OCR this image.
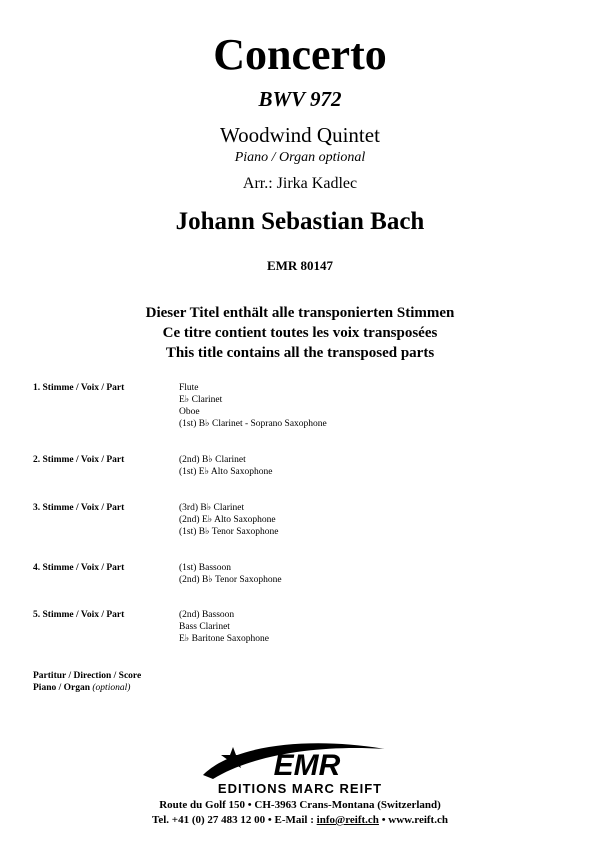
Concerto
BWV 972
Woodwind Quintet
Piano / Organ optional
Arr.: Jirka Kadlec
Johann Sebastian Bach
EMR 80147
Dieser Titel enthält alle transponierten Stimmen
Ce titre contient toutes les voix transposées
This title contains all the transposed parts
1. Stimme / Voix / Part	Flute
E♭ Clarinet
Oboe
(1st) B♭ Clarinet - Soprano Saxophone
2. Stimme / Voix / Part	(2nd) B♭ Clarinet
(1st) E♭ Alto Saxophone
3. Stimme / Voix / Part	(3rd) B♭ Clarinet
(2nd) E♭ Alto Saxophone
(1st) B♭ Tenor Saxophone
4. Stimme / Voix / Part	(1st) Bassoon
(2nd) B♭ Tenor Saxophone
5. Stimme / Voix / Part	(2nd) Bassoon
Bass Clarinet
E♭ Baritone Saxophone
Partitur / Direction / Score
Piano / Organ (optional)
EMR
EDITIONS MARC REIFT
Route du Golf 150 • CH-3963 Crans-Montana (Switzerland)
Tel. +41 (0) 27 483 12 00 • E-Mail : info@reift.ch • www.reift.ch
